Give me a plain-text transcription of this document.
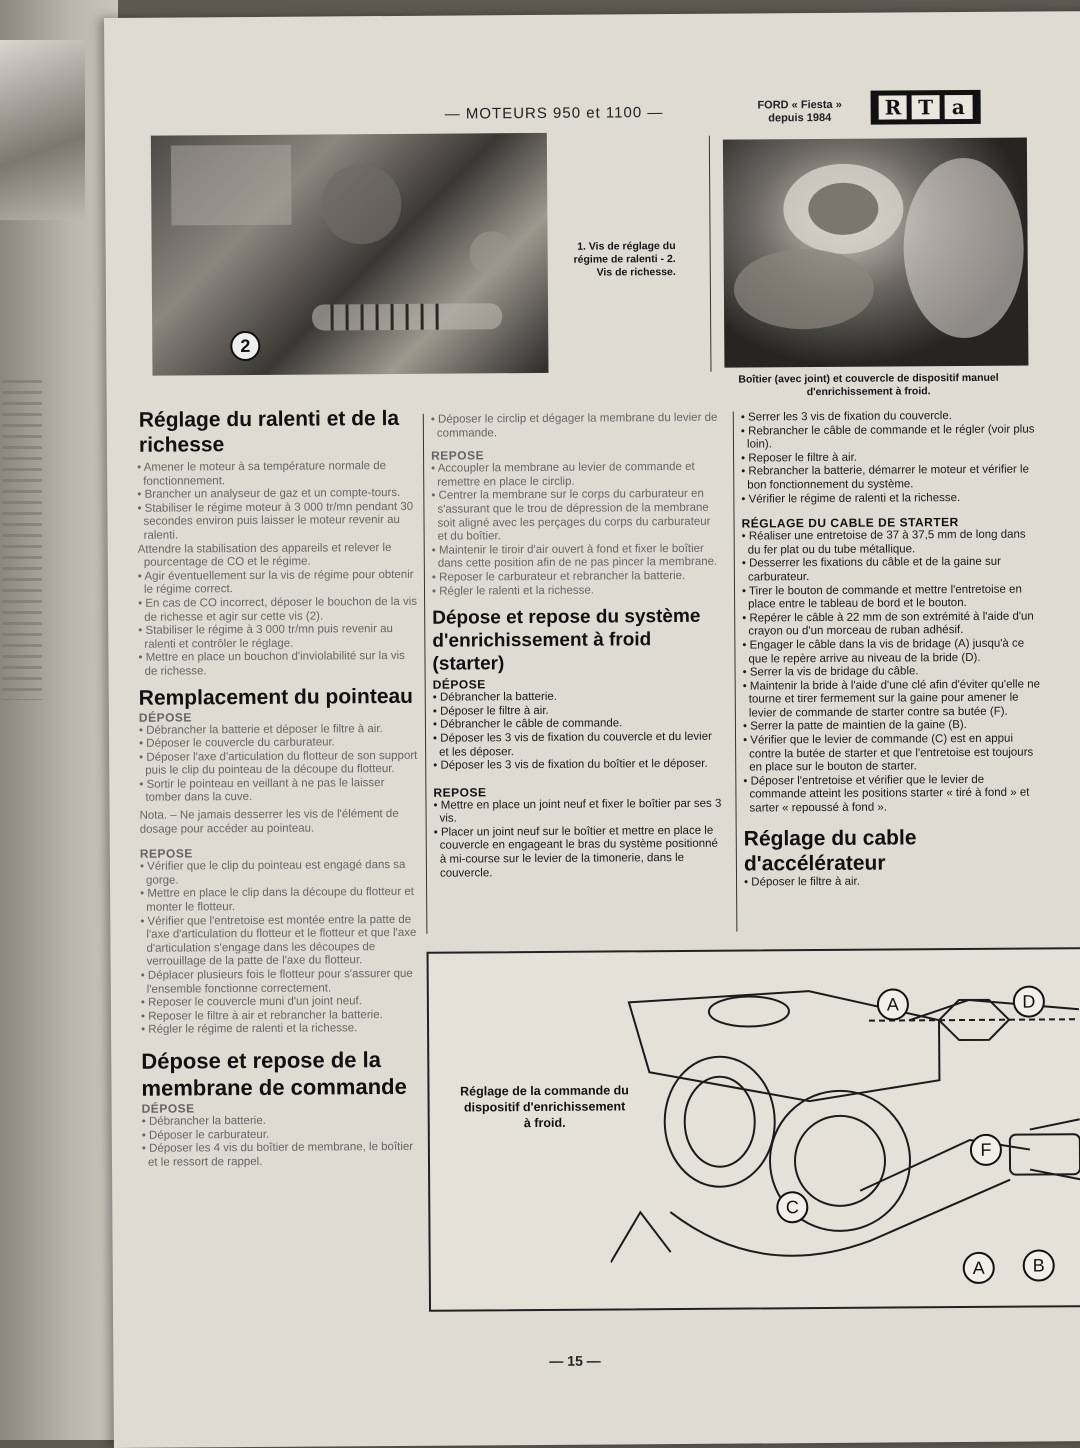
— MOTEURS 950 et 1100 —	FORD « Fiesta »
depuis 1984	R T a
2
1. Vis de réglage du régime de ralenti - 2. Vis de richesse.
Boîtier (avec joint) et couvercle de dispositif manuel d'enrichissement à froid.
Réglage du ralenti et de la richesse
• Amener le moteur à sa température normale de fonctionnement.
• Brancher un analyseur de gaz et un compte-tours.
• Stabiliser le régime moteur à 3 000 tr/mn pendant 30 secondes environ puis laisser le moteur revenir au ralenti.
Attendre la stabilisation des appareils et relever le pourcentage de CO et le régime.
• Agir éventuellement sur la vis de régime pour obtenir le régime correct.
• En cas de CO incorrect, déposer le bouchon de la vis de richesse et agir sur cette vis (2).
• Stabiliser le régime à 3 000 tr/mn puis revenir au ralenti et contrôler le réglage.
• Mettre en place un bouchon d'inviolabilité sur la vis de richesse.
Remplacement du pointeau
DÉPOSE
• Débrancher la batterie et déposer le filtre à air.
• Déposer le couvercle du carburateur.
• Déposer l'axe d'articulation du flotteur de son support puis le clip du pointeau de la découpe du flotteur.
• Sortir le pointeau en veillant à ne pas le laisser tomber dans la cuve.
Nota. – Ne jamais desserrer les vis de l'élément de dosage pour accéder au pointeau.
REPOSE
• Vérifier que le clip du pointeau est engagé dans sa gorge.
• Mettre en place le clip dans la découpe du flotteur et monter le flotteur.
• Vérifier que l'entretoise est montée entre la patte de l'axe d'articulation du flotteur et le flotteur et que l'axe d'articulation s'engage dans les découpes de verrouillage de la patte de l'axe du flotteur.
• Déplacer plusieurs fois le flotteur pour s'assurer que l'ensemble fonctionne correctement.
• Reposer le couvercle muni d'un joint neuf.
• Reposer le filtre à air et rebrancher la batterie.
• Régler le régime de ralenti et la richesse.
Dépose et repose de la membrane de commande
DÉPOSE
• Débrancher la batterie.
• Déposer le carburateur.
• Déposer les 4 vis du boîtier de membrane, le boîtier et le ressort de rappel.
• Déposer le circlip et dégager la membrane du levier de commande.
REPOSE
• Accoupler la membrane au levier de commande et remettre en place le circlip.
• Centrer la membrane sur le corps du carburateur en s'assurant que le trou de dépression de la membrane soit aligné avec les perçages du corps du carburateur et du boîtier.
• Maintenir le tiroir d'air ouvert à fond et fixer le boîtier dans cette position afin de ne pas pincer la membrane.
• Reposer le carburateur et rebrancher la batterie.
• Régler le ralenti et la richesse.
Dépose et repose du système d'enrichissement à froid (starter)
DÉPOSE
• Débrancher la batterie.
• Déposer le filtre à air.
• Débrancher le câble de commande.
• Déposer les 3 vis de fixation du couvercle et du levier et les déposer.
• Déposer les 3 vis de fixation du boîtier et le déposer.
REPOSE
• Mettre en place un joint neuf et fixer le boîtier par ses 3 vis.
• Placer un joint neuf sur le boîtier et mettre en place le couvercle en engageant le bras du système positionné à mi-course sur le levier de la timonerie, dans le couvercle.
• Serrer les 3 vis de fixation du couvercle.
• Rebrancher le câble de commande et le régler (voir plus loin).
• Reposer le filtre à air.
• Rebrancher la batterie, démarrer le moteur et vérifier le bon fonctionnement du système.
• Vérifier le régime de ralenti et la richesse.
RÉGLAGE DU CABLE DE STARTER
• Réaliser une entretoise de 37 à 37,5 mm de long dans du fer plat ou du tube métallique.
• Desserrer les fixations du câble et de la gaine sur carburateur.
• Tirer le bouton de commande et mettre l'entretoise en place entre le tableau de bord et le bouton.
• Repérer le câble à 22 mm de son extrémité à l'aide d'un crayon ou d'un morceau de ruban adhésif.
• Engager le câble dans la vis de bridage (A) jusqu'à ce que le repère arrive au niveau de la bride (D).
• Serrer la vis de bridage du câble.
• Maintenir la bride à l'aide d'une clé afin d'éviter qu'elle ne tourne et tirer fermement sur la gaine pour amener le levier de commande de starter contre sa butée (F).
• Serrer la patte de maintien de la gaine (B).
• Vérifier que le levier de commande (C) est en appui contre la butée de starter et que l'entretoise est toujours en place sur le bouton de starter.
• Déposer l'entretoise et vérifier que le levier de commande atteint les positions starter « tiré à fond » et sarter « repoussé à fond ».
Réglage du cable d'accélérateur
• Déposer le filtre à air.
Réglage de la commande du dispositif d'enrichissement à froid.
A	D
F
C
A	B
— 15 —
